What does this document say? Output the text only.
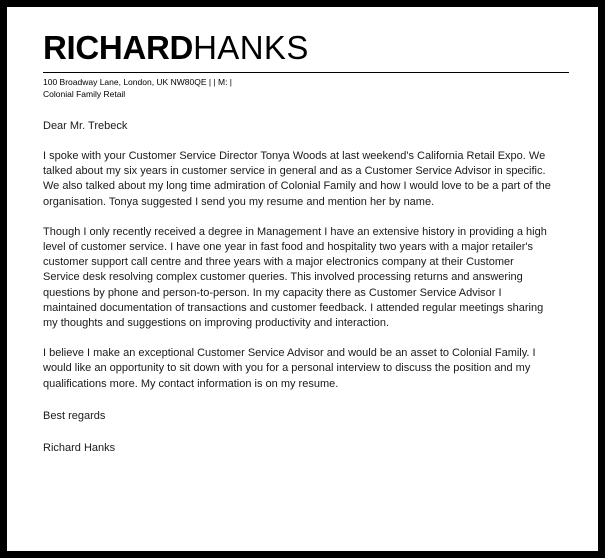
RICHARDHANKS
100 Broadway Lane, London, UK NW80QE | | M: |
Colonial Family Retail
Dear Mr. Trebeck
I spoke with your Customer Service Director Tonya Woods at last weekend's California Retail Expo. We talked about my six years in customer service in general and as a Customer Service Advisor in specific. We also talked about my long time admiration of Colonial Family and how I would love to be a part of the organisation. Tonya suggested I send you my resume and mention her by name.
Though I only recently received a degree in Management I have an extensive history in providing a high level of customer service. I have one year in fast food and hospitality two years with a major retailer's customer support call centre and three years with a major electronics company at their Customer Service desk resolving complex customer queries. This involved processing returns and answering questions by phone and person-to-person. In my capacity there as Customer Service Advisor I maintained documentation of transactions and customer feedback. I attended regular meetings sharing my thoughts and suggestions on improving productivity and interaction.
I believe I make an exceptional Customer Service Advisor and would be an asset to Colonial Family. I would like an opportunity to sit down with you for a personal interview to discuss the position and my qualifications more. My contact information is on my resume.
Best regards
Richard Hanks
